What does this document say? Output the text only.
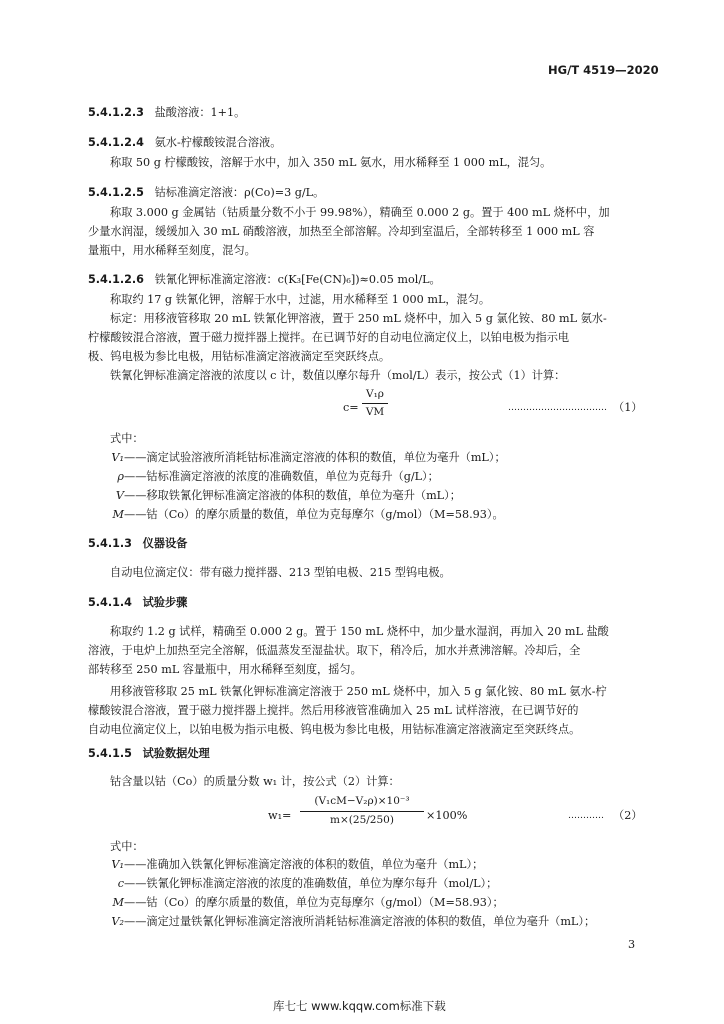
HG/T 4519—2020
5.4.1.2.3 盐酸溶液：1+1。
5.4.1.2.4 氨水-柠檬酸铵混合溶液。
称取 50 g 柠檬酸铵，溶解于水中，加入 350 mL 氨水，用水稀释至 1 000 mL，混匀。
5.4.1.2.5 钴标准滴定溶液：ρ(Co)=3 g/L。
称取 3.000 g 金属钴（钴质量分数不小于 99.98%），精确至 0.000 2 g。置于 400 mL 烧杯中，加
少量水润湿，缓缓加入 30 mL 硝酸溶液，加热至全部溶解。冷却到室温后，全部转移至 1 000 mL 容
量瓶中，用水稀释至刻度，混匀。
5.4.1.2.6 铁氰化钾标准滴定溶液：c(K₃[Fe(CN)₆])≈0.05 mol/L。
称取约 17 g 铁氰化钾，溶解于水中，过滤，用水稀释至 1 000 mL，混匀。
标定：用移液管移取 20 mL 铁氰化钾溶液，置于 250 mL 烧杯中，加入 5 g 氯化铵、80 mL 氨水-
柠檬酸铵混合溶液，置于磁力搅拌器上搅拌。在已调节好的自动电位滴定仪上，以铂电极为指示电
极、钨电极为参比电极，用钴标准滴定溶液滴定至突跃终点。
铁氰化钾标准滴定溶液的浓度以 c 计，数值以摩尔每升（mol/L）表示，按公式（1）计算：
c=
V₁ρ
VM	…………………………… （1）
式中：
V₁——滴定试验溶液所消耗钴标准滴定溶液的体积的数值，单位为毫升（mL）；
ρ——钴标准滴定溶液的浓度的准确数值，单位为克每升（g/L）；
V——移取铁氰化钾标准滴定溶液的体积的数值，单位为毫升（mL）；
M——钴（Co）的摩尔质量的数值，单位为克每摩尔（g/mol）（M=58.93）。
5.4.1.3 仪器设备
自动电位滴定仪：带有磁力搅拌器、213 型铂电极、215 型钨电极。
5.4.1.4 试验步骤
称取约 1.2 g 试样，精确至 0.000 2 g。置于 150 mL 烧杯中，加少量水湿润，再加入 20 mL 盐酸
溶液，于电炉上加热至完全溶解，低温蒸发至湿盐状。取下，稍冷后，加水并煮沸溶解。冷却后，全
部转移至 250 mL 容量瓶中，用水稀释至刻度，摇匀。
用移液管移取 25 mL 铁氰化钾标准滴定溶液于 250 mL 烧杯中，加入 5 g 氯化铵、80 mL 氨水-柠
檬酸铵混合溶液，置于磁力搅拌器上搅拌。然后用移液管准确加入 25 mL 试样溶液，在已调节好的
自动电位滴定仪上，以铂电极为指示电极、钨电极为参比电极，用钴标准滴定溶液滴定至突跃终点。
5.4.1.5 试验数据处理
钴含量以钴（Co）的质量分数 w₁ 计，按公式（2）计算：
w₁=
(V₁cM−V₂ρ)×10⁻³
m×(25/250)	×100%	………… （2）
式中：
V₁——准确加入铁氰化钾标准滴定溶液的体积的数值，单位为毫升（mL）；
c——铁氰化钾标准滴定溶液的浓度的准确数值，单位为摩尔每升（mol/L）；
M——钴（Co）的摩尔质量的数值，单位为克每摩尔（g/mol）（M=58.93）；
V₂——滴定过量铁氰化钾标准滴定溶液所消耗钴标准滴定溶液的体积的数值，单位为毫升（mL）；
3
库七七 www.kqqw.com标准下载
